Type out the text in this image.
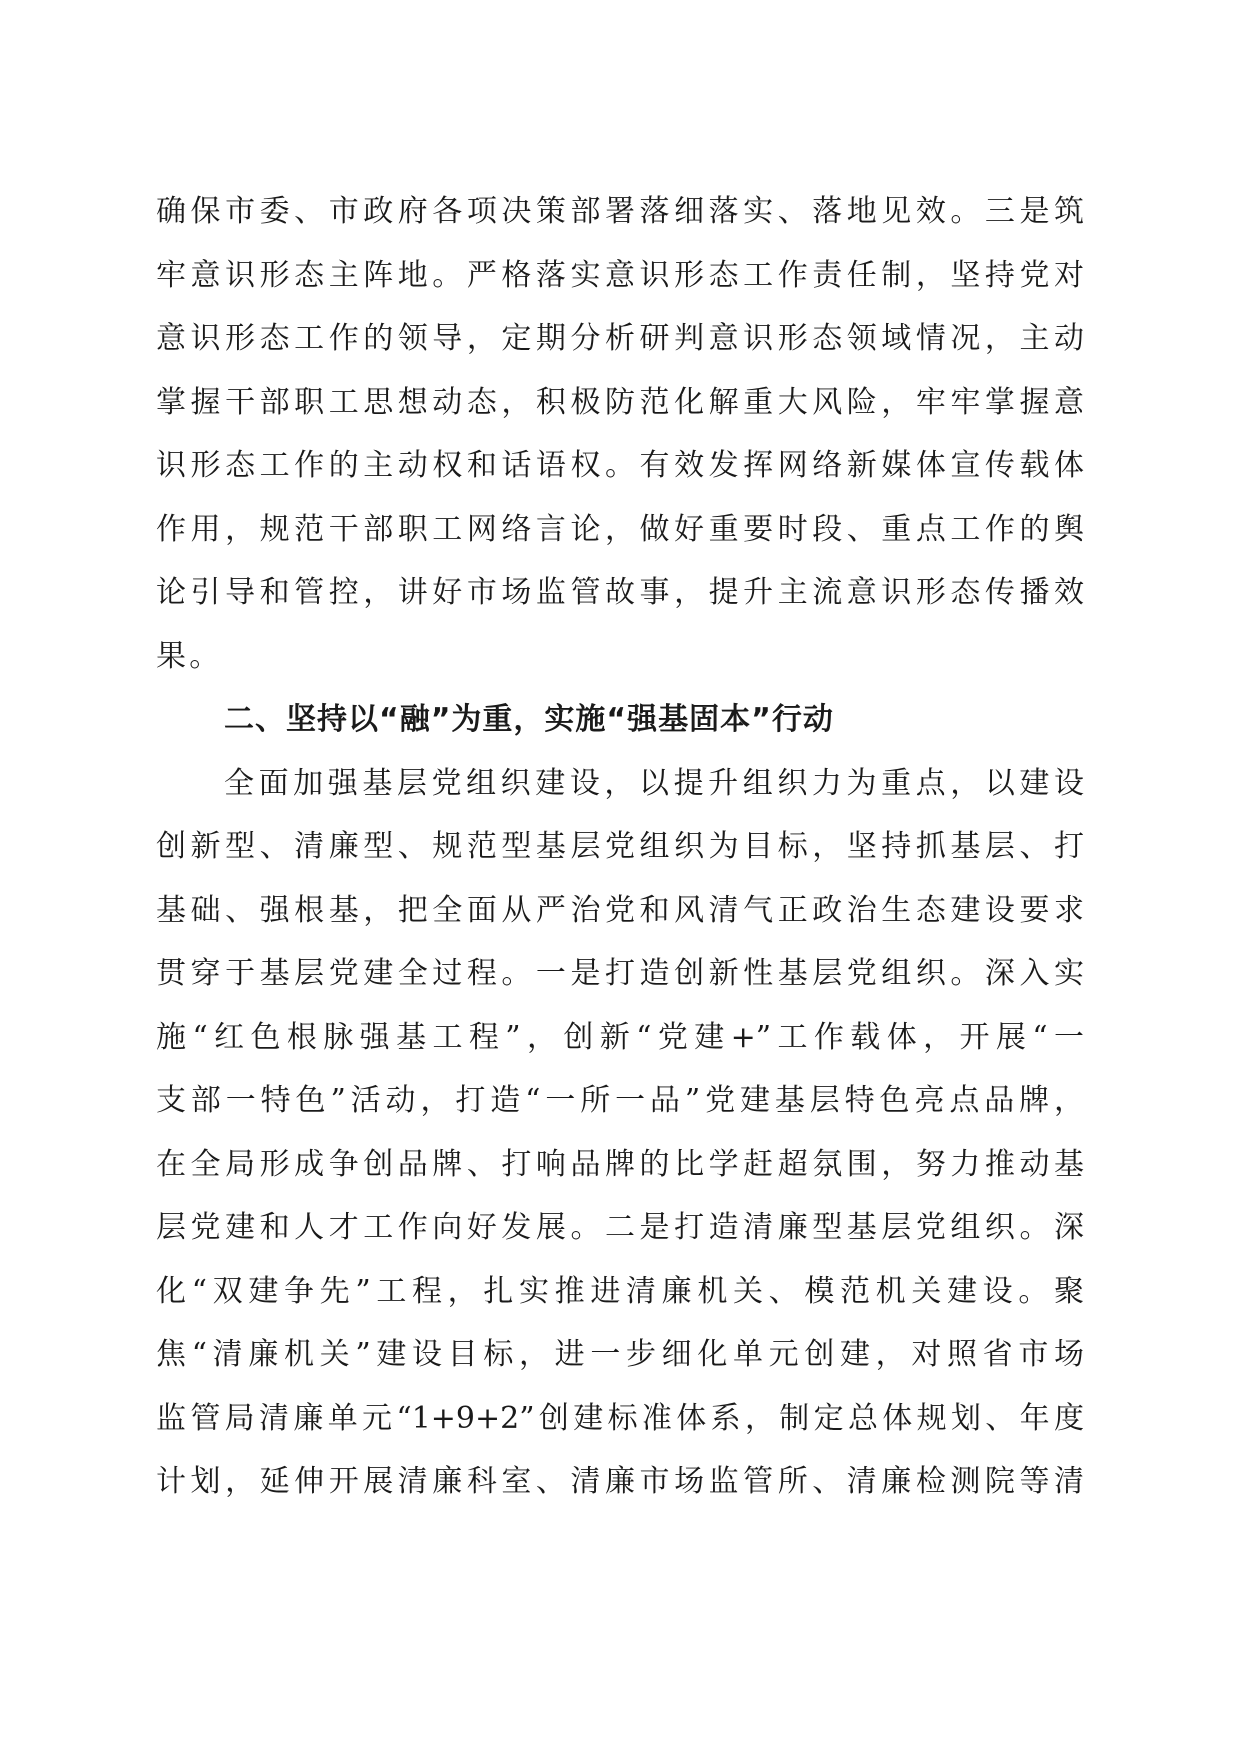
确保市委、市政府各项决策部署落细落实、落地见效。三是筑
牢意识形态主阵地。严格落实意识形态工作责任制，坚持党对
意识形态工作的领导，定期分析研判意识形态领域情况，主动
掌握干部职工思想动态，积极防范化解重大风险，牢牢掌握意
识形态工作的主动权和话语权。有效发挥网络新媒体宣传载体
作用，规范干部职工网络言论，做好重要时段、重点工作的舆
论引导和管控，讲好市场监管故事，提升主流意识形态传播效
果。
二、坚持以“融”为重，实施“强基固本”行动
全面加强基层党组织建设，以提升组织力为重点，以建设
创新型、清廉型、规范型基层党组织为目标，坚持抓基层、打
基础、强根基，把全面从严治党和风清气正政治生态建设要求
贯穿于基层党建全过程。一是打造创新性基层党组织。深入实
施“红色根脉强基工程”，创新“党建+”工作载体，开展“一
支部一特色”活动，打造“一所一品”党建基层特色亮点品牌，
在全局形成争创品牌、打响品牌的比学赶超氛围，努力推动基
层党建和人才工作向好发展。二是打造清廉型基层党组织。深
化“双建争先”工程，扎实推进清廉机关、模范机关建设。聚
焦“清廉机关”建设目标，进一步细化单元创建，对照省市场
监管局清廉单元“1+9+2”创建标准体系，制定总体规划、年度
计划，延伸开展清廉科室、清廉市场监管所、清廉检测院等清
